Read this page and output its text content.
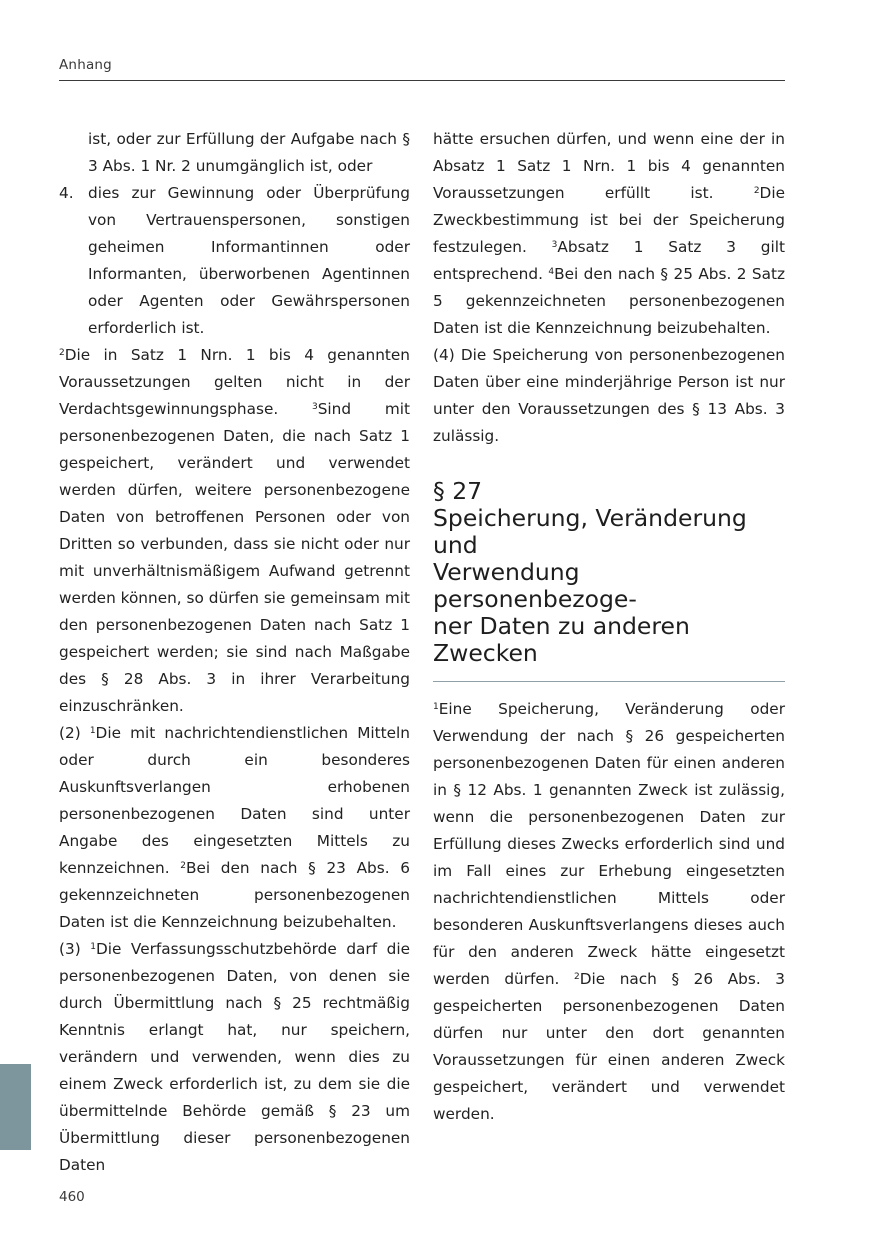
Anhang

ist, oder zur Erfüllung der Aufgabe nach § 3 Abs. 1 Nr. 2 unumgänglich ist, oder

4. dies zur Gewinnung oder Überprüfung von Vertrauenspersonen, sonstigen geheimen Informantinnen oder Informanten, überworbenen Agentinnen oder Agenten oder Gewährspersonen erforderlich ist.

$^2$Die in Satz 1 Nrn. 1 bis 4 genannten Voraussetzungen gelten nicht in der Verdachtsgewinnungsphase. $^3$Sind mit personenbezogenen Daten, die nach Satz 1 gespeichert, verändert und verwendet werden dürfen, weitere personenbezogene Daten von betroffenen Personen oder von Dritten so verbunden, dass sie nicht oder nur mit unverhältnismäßigem Aufwand getrennt werden können, so dürfen sie gemeinsam mit den personenbezogenen Daten nach Satz 1 gespeichert werden; sie sind nach Maßgabe des § 28 Abs. 3 in ihrer Verarbeitung einzuschränken.

(2) $^1$Die mit nachrichtendienstlichen Mitteln oder durch ein besonderes Auskunftsverlangen erhobenen personenbezogenen Daten sind unter Angabe des eingesetzten Mittels zu kennzeichnen. $^2$Bei den nach § 23 Abs. 6 gekennzeichneten personenbezogenen Daten ist die Kennzeichnung beizubehalten.

(3) $^1$Die Verfassungsschutzbehörde darf die personenbezogenen Daten, von denen sie durch Übermittlung nach § 25 rechtmäßig Kenntnis erlangt hat, nur speichern, verändern und verwenden, wenn dies zu einem Zweck erforderlich ist, zu dem sie die übermittelnde Behörde gemäß § 23 um Übermittlung dieser personenbezogenen Daten

hätte ersuchen dürfen, und wenn eine der in Absatz 1 Satz 1 Nrn. 1 bis 4 genannten Voraussetzungen erfüllt ist. $^2$Die Zweckbestimmung ist bei der Speicherung festzulegen. $^3$Absatz 1 Satz 3 gilt entsprechend. $^4$Bei den nach § 25 Abs. 2 Satz 5 gekennzeichneten personenbezogenen Daten ist die Kennzeichnung beizubehalten.

(4) Die Speicherung von personenbezogenen Daten über eine minderjährige Person ist nur unter den Voraussetzungen des § 13 Abs. 3 zulässig.

§ 27
Speicherung, Veränderung und
Verwendung personenbezoge-
ner Daten zu anderen Zwecken

$^1$Eine Speicherung, Veränderung oder Verwendung der nach § 26 gespeicherten personenbezogenen Daten für einen anderen in § 12 Abs. 1 genannten Zweck ist zulässig, wenn die personenbezogenen Daten zur Erfüllung dieses Zwecks erforderlich sind und im Fall eines zur Erhebung eingesetzten nachrichtendienstlichen Mittels oder besonderen Auskunftsverlangens dieses auch für den anderen Zweck hätte eingesetzt werden dürfen. $^2$Die nach § 26 Abs. 3 gespeicherten personenbezogenen Daten dürfen nur unter den dort genannten Voraussetzungen für einen anderen Zweck gespeichert, verändert und verwendet werden.

460
